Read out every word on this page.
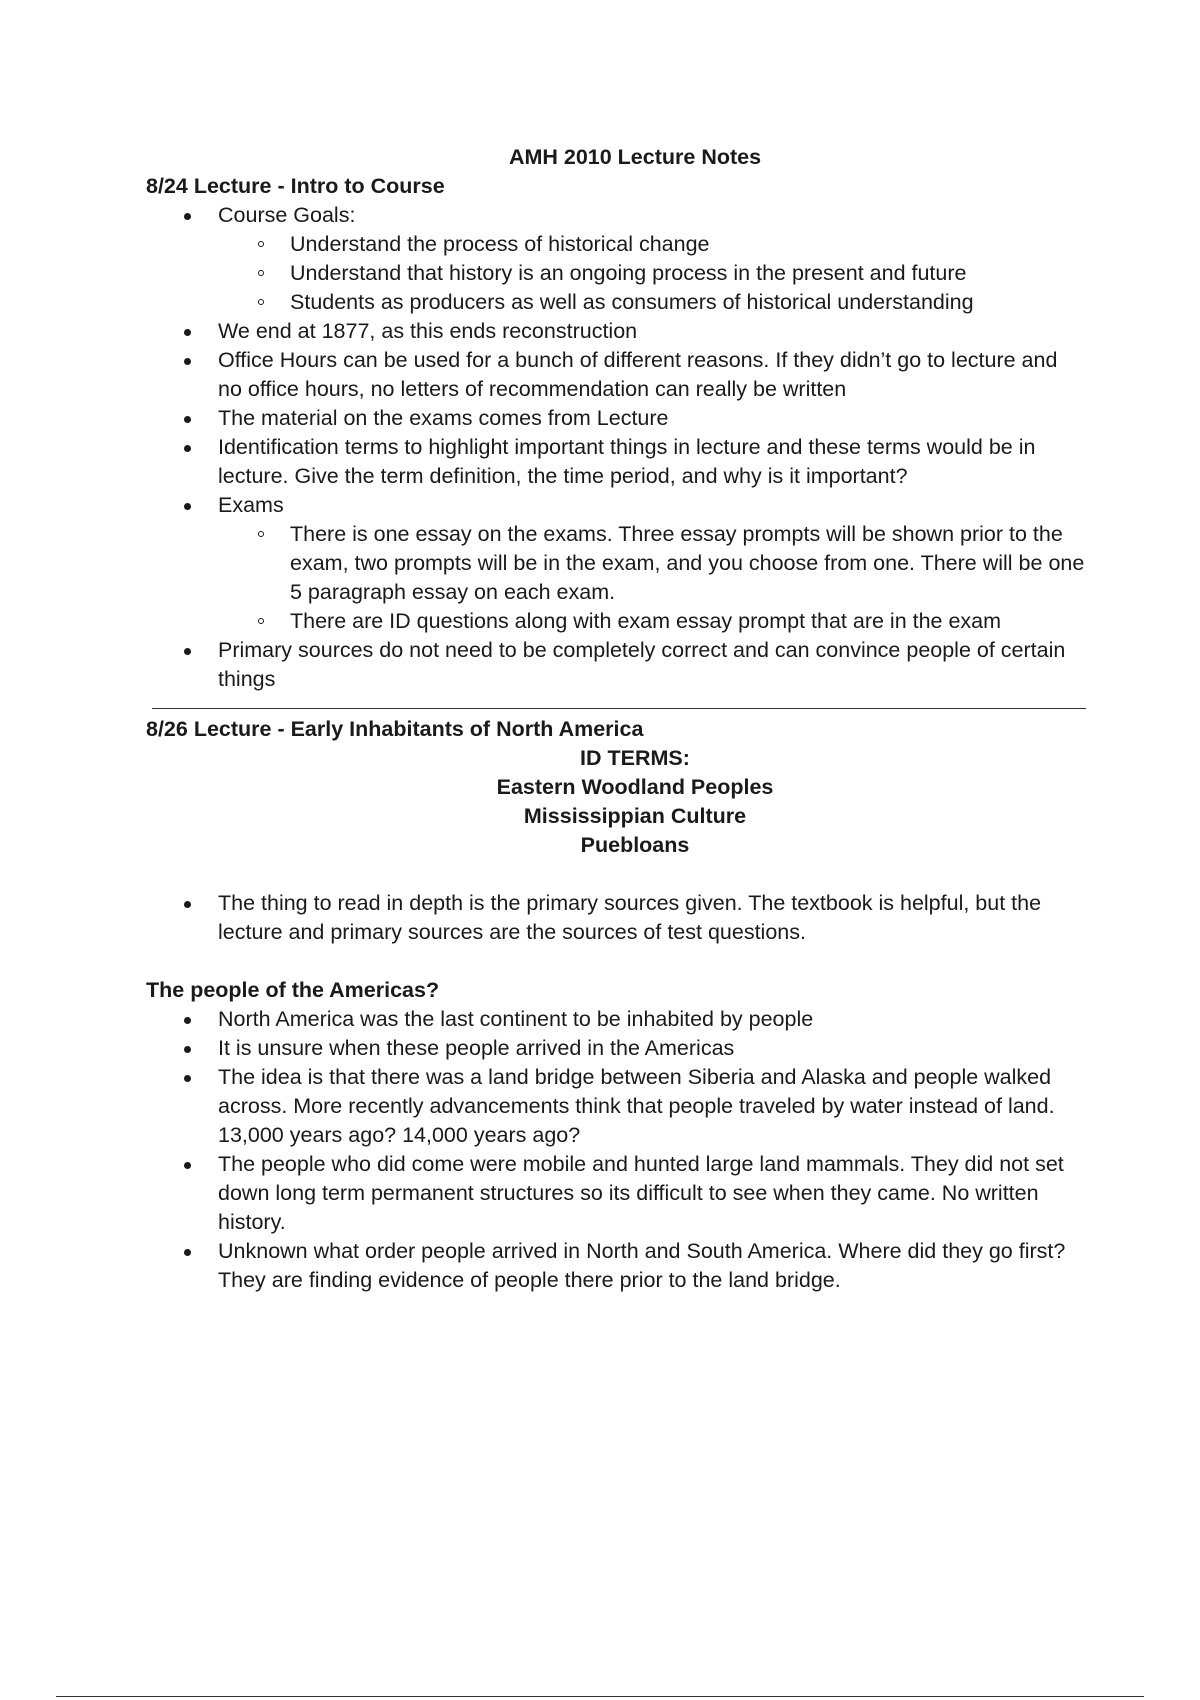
AMH 2010 Lecture Notes
8/24 Lecture - Intro to Course
Course Goals:
Understand the process of historical change
Understand that history is an ongoing process in the present and future
Students as producers as well as consumers of historical understanding
We end at 1877, as this ends reconstruction
Office Hours can be used for a bunch of different reasons. If they didn’t go to lecture and no office hours, no letters of recommendation can really be written
The material on the exams comes from Lecture
Identification terms to highlight important things in lecture and these terms would be in lecture. Give the term definition, the time period, and why is it important?
Exams
There is one essay on the exams. Three essay prompts will be shown prior to the exam, two prompts will be in the exam, and you choose from one. There will be one 5 paragraph essay on each exam.
There are ID questions along with exam essay prompt that are in the exam
Primary sources do not need to be completely correct and can convince people of certain things
8/26 Lecture - Early Inhabitants of North America
ID TERMS:
Eastern Woodland Peoples
Mississippian Culture
Puebloans
The thing to read in depth is the primary sources given. The textbook is helpful, but the lecture and primary sources are the sources of test questions.
The people of the Americas?
North America was the last continent to be inhabited by people
It is unsure when these people arrived in the Americas
The idea is that there was a land bridge between Siberia and Alaska and people walked across. More recently advancements think that people traveled by water instead of land. 13,000 years ago? 14,000 years ago?
The people who did come were mobile and hunted large land mammals. They did not set down long term permanent structures so its difficult to see when they came. No written history.
Unknown what order people arrived in North and South America. Where did they go first? They are finding evidence of people there prior to the land bridge.
